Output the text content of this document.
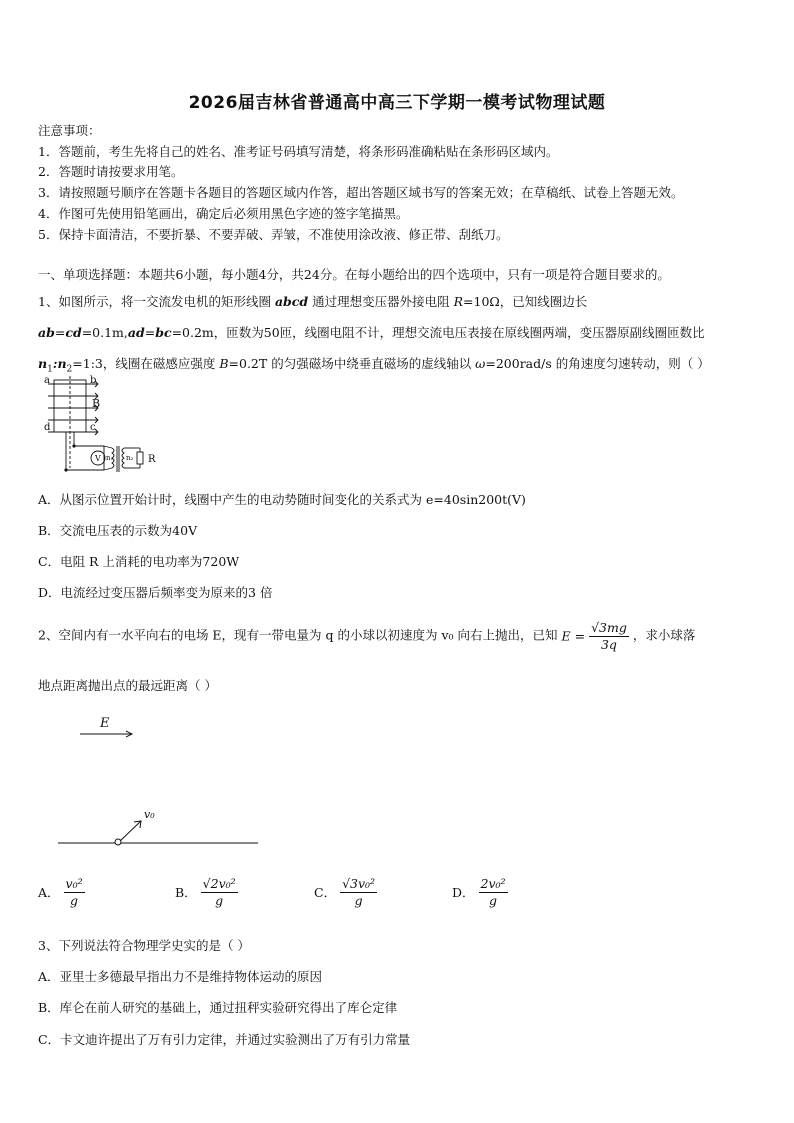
2026届吉林省普通高中高三下学期一模考试物理试题
注意事项：
1．答题前，考生先将自己的姓名、准考证号码填写清楚，将条形码准确粘贴在条形码区域内。
2．答题时请按要求用笔。
3．请按照题号顺序在答题卡各题目的答题区域内作答，超出答题区域书写的答案无效；在草稿纸、试卷上答题无效。
4．作图可先使用铅笔画出，确定后必须用黑色字迹的签字笔描黑。
5．保持卡面清洁，不要折暴、不要弄破、弄皱，不准使用涂改液、修正带、刮纸刀。
一、单项选择题：本题共6小题，每小题4分，共24分。在每小题给出的四个选项中，只有一项是符合题目要求的。
1、如图所示，将一交流发电机的矩形线圈 abcd 通过理想变压器外接电阻 R=10Ω，已知线圈边长
ab=cd=0.1m,ad=bc=0.2m，匝数为50匝，线圈电阻不计，理想交流电压表接在原线圈两端，变压器原副线圈匝数比
$n_1:n_2=1:3$，线圈在磁感应强度 B=0.2T 的匀强磁场中绕垂直磁场的虚线轴以 ω=200rad/s 的角速度匀速转动，则（ ）
a	b
B
c
d
V n₁ n₂ R
A．从图示位置开始计时，线圈中产生的电动势随时间变化的关系式为 e=40sin200t(V)
B．交流电压表的示数为40V
C．电阻 R 上消耗的电功率为720W
D．电流经过变压器后频率变为原来的3 倍
2、空间内有一水平向右的电场 E，现有一带电量为 q 的小球以初速度为 v₀ 向右上抛出，已知 $E = \frac{√3mg}{3q}$ ，求小球落
地点距离抛出点的最远距离（ ）
E
v₀
A． $\frac{\text{v₀²}}{g}$	B． $\frac{\text{√2v₀²}}{g}$	C． $\frac{\text{√3v₀²}}{g}$	D． $\frac{\text{2v₀²}}{g}$
3、下列说法符合物理学史实的是（ ）
A．亚里士多德最早指出力不是维持物体运动的原因
B．库仑在前人研究的基础上，通过扭秤实验研究得出了库仑定律
C．卡文迪许提出了万有引力定律，并通过实验测出了万有引力常量
